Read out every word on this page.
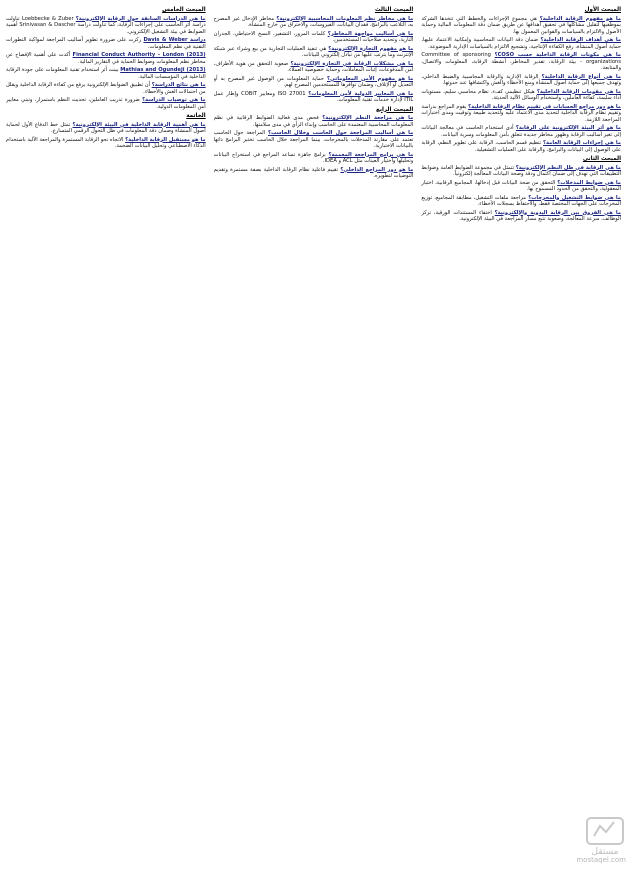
المبحث الأول

ما هو مفهوم الرقابة الداخلية؟ هي مجموع الإجراءات والخطط التي تتخذها الشركة بموظفيها لتقليل مشاكلها في تحقيق أهدافها عن طريق ضمان دقة المعلومات المالية وحماية الأصول والالتزام بالسياسات والقوانين المعمول بها.

ما هي أهداف الرقابة الداخلية؟ ضمان دقة البيانات المحاسبية وإمكانية الاعتماد عليها، حماية أصول المنشأة، رفع الكفاءة الإنتاجية، وتشجيع الالتزام بالسياسات الإدارية الموضوعة.

ما هي مكونات الرقابة الداخلية حسب COSO؟ Committee of sponsoring organizations - بيئة الرقابة، تقدير المخاطر، أنشطة الرقابة، المعلومات والاتصال، والمتابعة.

ما هي أنواع الرقابة الداخلية؟ الرقابة الإدارية والرقابة المحاسبية والضبط الداخلي، وتهدف جميعها إلى حماية أصول المنشأة ومنع الأخطاء والغش واكتشافها عند حدوثها.

ما هي مقومات الرقابة الداخلية؟ هيكل تنظيمي كفء، نظام محاسبي سليم، مستويات أداء سليمة، كفاءة العاملين، واستخدام الوسائل الآلية الحديثة.

ما هو دور مراجع الحسابات في تقييم نظام الرقابة الداخلية؟ يقوم المراجع بدراسة وتقييم نظام الرقابة الداخلية لتحديد مدى الاعتماد عليه ولتحديد طبيعة وتوقيت ومدى اختبارات المراجعة اللازمة.

ما هو أثر البيئة الإلكترونية على الرقابة؟ أدى استخدام الحاسب في معالجة البيانات إلى تغير أساليب الرقابة وظهور مخاطر جديدة تتعلق بأمن المعلومات وسرية البيانات.

ما هي إجراءات الرقابة العامة؟ تنظيم قسم الحاسب، الرقابة على تطوير النظم، الرقابة على الوصول إلى البيانات والبرامج، والرقابة على العمليات التشغيلية.

المبحث الثاني

ما هي الرقابة في ظل النظم الإلكترونية؟ تتمثل في مجموعة الضوابط العامة وضوابط التطبيقات التي تهدف إلى ضمان اكتمال ودقة وصحة البيانات المعالجة إلكترونياً.

ما هي ضوابط المدخلات؟ التحقق من صحة البيانات قبل إدخالها، المجاميع الرقابية، اختبار المعقولية، والتحقق من الحدود المسموح بها.

ما هي ضوابط التشغيل والمخرجات؟ مراجعة ملفات التشغيل، مطابقة المجاميع، توزيع المخرجات على الجهات المختصة فقط، والاحتفاظ بسجلات الأخطاء.

ما هي الفروق بين الرقابة اليدوية والإلكترونية؟ اختفاء المستندات الورقية، تركز الوظائف، سرعة المعالجة، وصعوبة تتبع مسار المراجعة في البيئة الإلكترونية.

المبحث الثالث

ما هي مخاطر نظم المعلومات المحاسبية الإلكترونية؟ مخاطر الإدخال غير المصرح به، التلاعب بالبرامج، فقدان البيانات، الفيروسات، والاختراق من خارج المنشأة.

ما هي أساليب مواجهة المخاطر؟ كلمات المرور، التشفير، النسخ الاحتياطي، الجدران النارية، وتحديد صلاحيات المستخدمين.

ما هو مفهوم التجارة الإلكترونية؟ هي تنفيذ العمليات التجارية من بيع وشراء عبر شبكة الإنترنت وما يترتب عليها من تبادل إلكتروني للبيانات.

ما هي مشكلات الرقابة في التجارة الإلكترونية؟ صعوبة التحقق من هوية الأطراف، أمن المدفوعات، إثبات المعاملات، وحماية خصوصية العملاء.

ما هو مفهوم الأمن المعلوماتي؟ حماية المعلومات من الوصول غير المصرح به أو التعديل أو الإتلاف، وضمان توافرها للمستخدمين المصرح لهم.

ما هي المعايير الدولية لأمن المعلومات؟ ISO 27001 ومعايير COBIT وإطار عمل ITIL لإدارة خدمات تقنية المعلومات.

المبحث الرابع

ما هي مراجعة النظم الإلكترونية؟ فحص مدى فعالية الضوابط الرقابية في نظم المعلومات المحاسبية المعتمدة على الحاسب وإبداء الرأي في مدى سلامتها.

ما هي أساليب المراجعة حول الحاسب وخلال الحاسب؟ المراجعة حول الحاسب تعتمد على مقارنة المدخلات بالمخرجات، بينما المراجعة خلال الحاسب تختبر البرامج ذاتها بالبيانات الاختبارية.

ما هي برامج المراجعة المعممة؟ برامج جاهزة تساعد المراجع في استخراج البيانات وتحليلها واختيار العينات مثل ACL و IDEA.

ما هو دور المراجع الداخلي؟ تقييم فاعلية نظام الرقابة الداخلية بصفة مستمرة وتقديم التوصيات لتطويره.

المبحث الخامس

ما هي الدراسات السابقة حول الرقابة الإلكترونية؟ Loebbecke & Zuber تناولت دراسة أثر الحاسب على إجراءات الرقابة، كما تناولت دراسة Srinivasan & Dascher أهمية الضوابط في بيئة التشغيل الإلكتروني.

دراسة Davis & Weber ركزت على ضرورة تطوير أساليب المراجعة لمواكبة التطورات التقنية في نظم المعلومات.

Financial Conduct Authority – London (2013) أكدت على أهمية الإفصاح عن مخاطر نظم المعلومات وضوابط الحماية في التقارير المالية.

Mathias and Ogundeji (2013) بينت أثر استخدام تقنية المعلومات على جودة الرقابة الداخلية في المؤسسات المالية.

ما هي نتائج الدراسة؟ أن تطبيق الضوابط الإلكترونية يرفع من كفاءة الرقابة الداخلية ويقلل من احتمالات الغش والأخطاء.

ما هي توصيات الدراسة؟ ضرورة تدريب العاملين، تحديث النظم باستمرار، وتبني معايير أمن المعلومات الدولية.

الخاتمة

ما هي أهمية الرقابة الداخلية في البيئة الإلكترونية؟ تمثل خط الدفاع الأول لحماية أصول المنشأة وضمان دقة المعلومات في ظل التحول الرقمي المتسارع.

ما هو مستقبل الرقابة الداخلية؟ الاتجاه نحو الرقابة المستمرة والمراجعة الآلية باستخدام الذكاء الاصطناعي وتحليل البيانات الضخمة.

مستقل
mostaqel.com
